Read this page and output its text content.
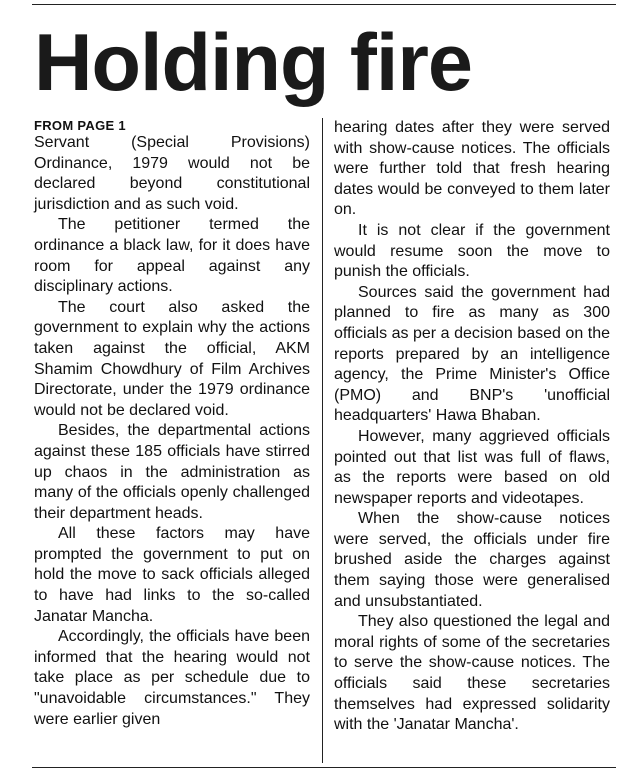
Holding fire
FROM PAGE 1

Servant (Special Provisions) Ordinance, 1979 would not be declared beyond constitutional jurisdiction and as such void.

The petitioner termed the ordinance a black law, for it does have room for appeal against any disciplinary actions.

The court also asked the government to explain why the actions taken against the official, AKM Shamim Chowdhury of Film Archives Directorate, under the 1979 ordinance would not be declared void.

Besides, the departmental actions against these 185 officials have stirred up chaos in the administration as many of the officials openly challenged their department heads.

All these factors may have prompted the government to put on hold the move to sack officials alleged to have had links to the so-called Janatar Mancha.

Accordingly, the officials have been informed that the hearing would not take place as per schedule due to "unavoidable circumstances." They were earlier given

hearing dates after they were served with show-cause notices. The officials were further told that fresh hearing dates would be conveyed to them later on.

It is not clear if the government would resume soon the move to punish the officials.

Sources said the government had planned to fire as many as 300 officials as per a decision based on the reports prepared by an intelligence agency, the Prime Minister's Office (PMO) and BNP's 'unofficial headquarters' Hawa Bhaban.

However, many aggrieved officials pointed out that list was full of flaws, as the reports were based on old newspaper reports and videotapes.

When the show-cause notices were served, the officials under fire brushed aside the charges against them saying those were generalised and unsubstantiated.

They also questioned the legal and moral rights of some of the secretaries to serve the show-cause notices. The officials said these secretaries themselves had expressed solidarity with the 'Janatar Mancha'.
